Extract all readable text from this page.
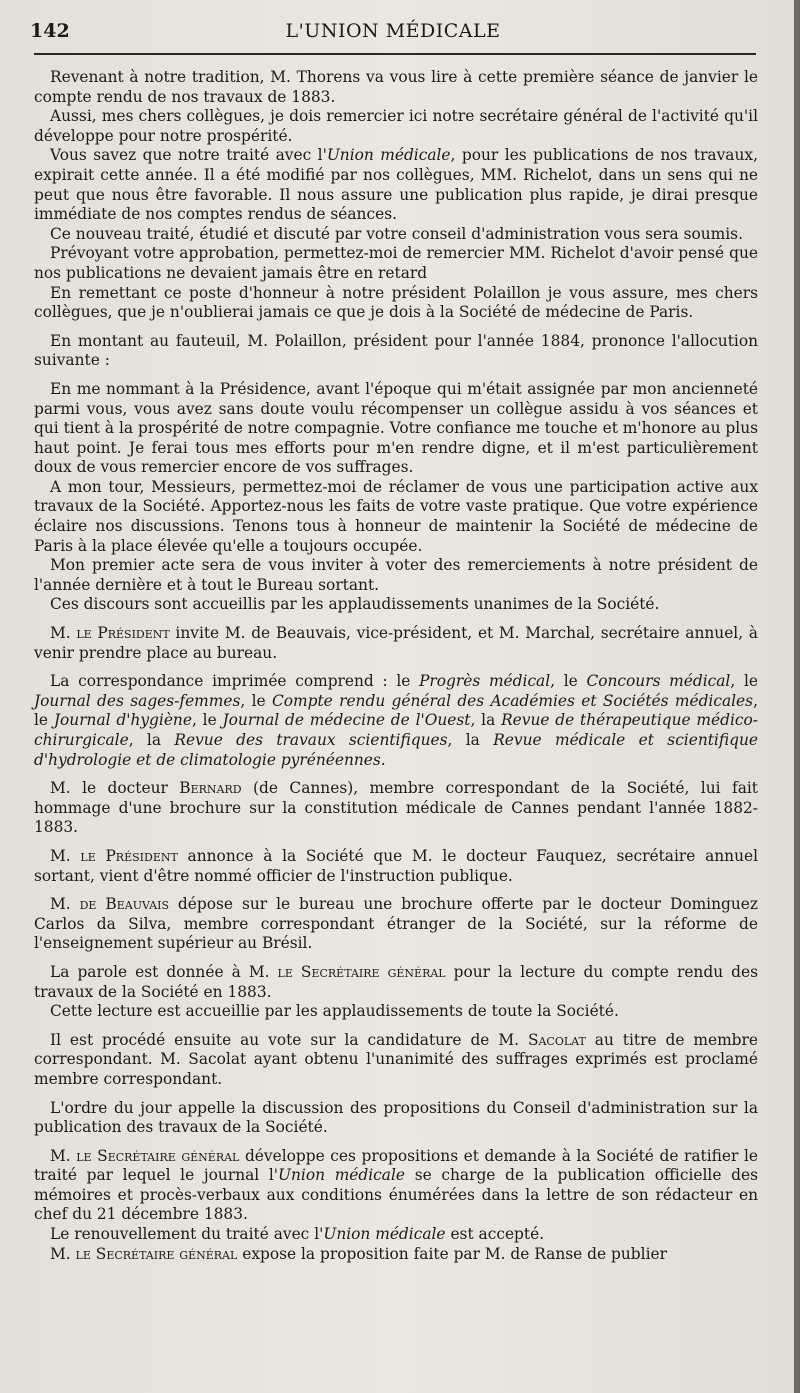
142	L'UNION MÉDICALE

Revenant à notre tradition, M. Thorens va vous lire à cette première séance de janvier le compte rendu de nos travaux de 1883.

Aussi, mes chers collègues, je dois remercier ici notre secrétaire général de l'activité qu'il développe pour notre prospérité.

Vous savez que notre traité avec l'Union médicale, pour les publications de nos travaux, expirait cette année. Il a été modifié par nos collègues, MM. Richelot, dans un sens qui ne peut que nous être favorable. Il nous assure une publication plus rapide, je dirai presque immédiate de nos comptes rendus de séances.

Ce nouveau traité, étudié et discuté par votre conseil d'administration vous sera soumis.

Prévoyant votre approbation, permettez-moi de remercier MM. Richelot d'avoir pensé que nos publications ne devaient jamais être en retard

En remettant ce poste d'honneur à notre président Polaillon je vous assure, mes chers collègues, que je n'oublierai jamais ce que je dois à la Société de médecine de Paris.

En montant au fauteuil, M. Polaillon, président pour l'année 1884, prononce l'allocution suivante :

En me nommant à la Présidence, avant l'époque qui m'était assignée par mon ancienneté parmi vous, vous avez sans doute voulu récompenser un collègue assidu à vos séances et qui tient à la prospérité de notre compagnie. Votre confiance me touche et m'honore au plus haut point. Je ferai tous mes efforts pour m'en rendre digne, et il m'est particulièrement doux de vous remercier encore de vos suffrages.

A mon tour, Messieurs, permettez-moi de réclamer de vous une participation active aux travaux de la Société. Apportez-nous les faits de votre vaste pratique. Que votre expérience éclaire nos discussions. Tenons tous à honneur de maintenir la Société de médecine de Paris à la place élevée qu'elle a toujours occupée.

Mon premier acte sera de vous inviter à voter des remerciements à notre président de l'année dernière et à tout le Bureau sortant.

Ces discours sont accueillis par les applaudissements unanimes de la Société.

M. le Président invite M. de Beauvais, vice-président, et M. Marchal, secrétaire annuel, à venir prendre place au bureau.

La correspondance imprimée comprend : le Progrès médical, le Concours médical, le Journal des sages-femmes, le Compte rendu général des Académies et Sociétés médicales, le Journal d'hygiène, le Journal de médecine de l'Ouest, la Revue de thérapeutique médico-chirurgicale, la Revue des travaux scientifiques, la Revue médicale et scientifique d'hydrologie et de climatologie pyrénéennes.

M. le docteur Bernard (de Cannes), membre correspondant de la Société, lui fait hommage d'une brochure sur la constitution médicale de Cannes pendant l'année 1882-1883.

M. le Président annonce à la Société que M. le docteur Fauquez, secrétaire annuel sortant, vient d'être nommé officier de l'instruction publique.

M. de Beauvais dépose sur le bureau une brochure offerte par le docteur Dominguez Carlos da Silva, membre correspondant étranger de la Société, sur la réforme de l'enseignement supérieur au Brésil.

La parole est donnée à M. le Secrétaire général pour la lecture du compte rendu des travaux de la Société en 1883.

Cette lecture est accueillie par les applaudissements de toute la Société.

Il est procédé ensuite au vote sur la candidature de M. Sacolat au titre de membre correspondant. M. Sacolat ayant obtenu l'unanimité des suffrages exprimés est proclamé membre correspondant.

L'ordre du jour appelle la discussion des propositions du Conseil d'administration sur la publication des travaux de la Société.

M. le Secrétaire général développe ces propositions et demande à la Société de ratifier le traité par lequel le journal l'Union médicale se charge de la publication officielle des mémoires et procès-verbaux aux conditions énumérées dans la lettre de son rédacteur en chef du 21 décembre 1883.

Le renouvellement du traité avec l'Union médicale est accepté.

M. le Secrétaire général expose la proposition faite par M. de Ranse de publier
